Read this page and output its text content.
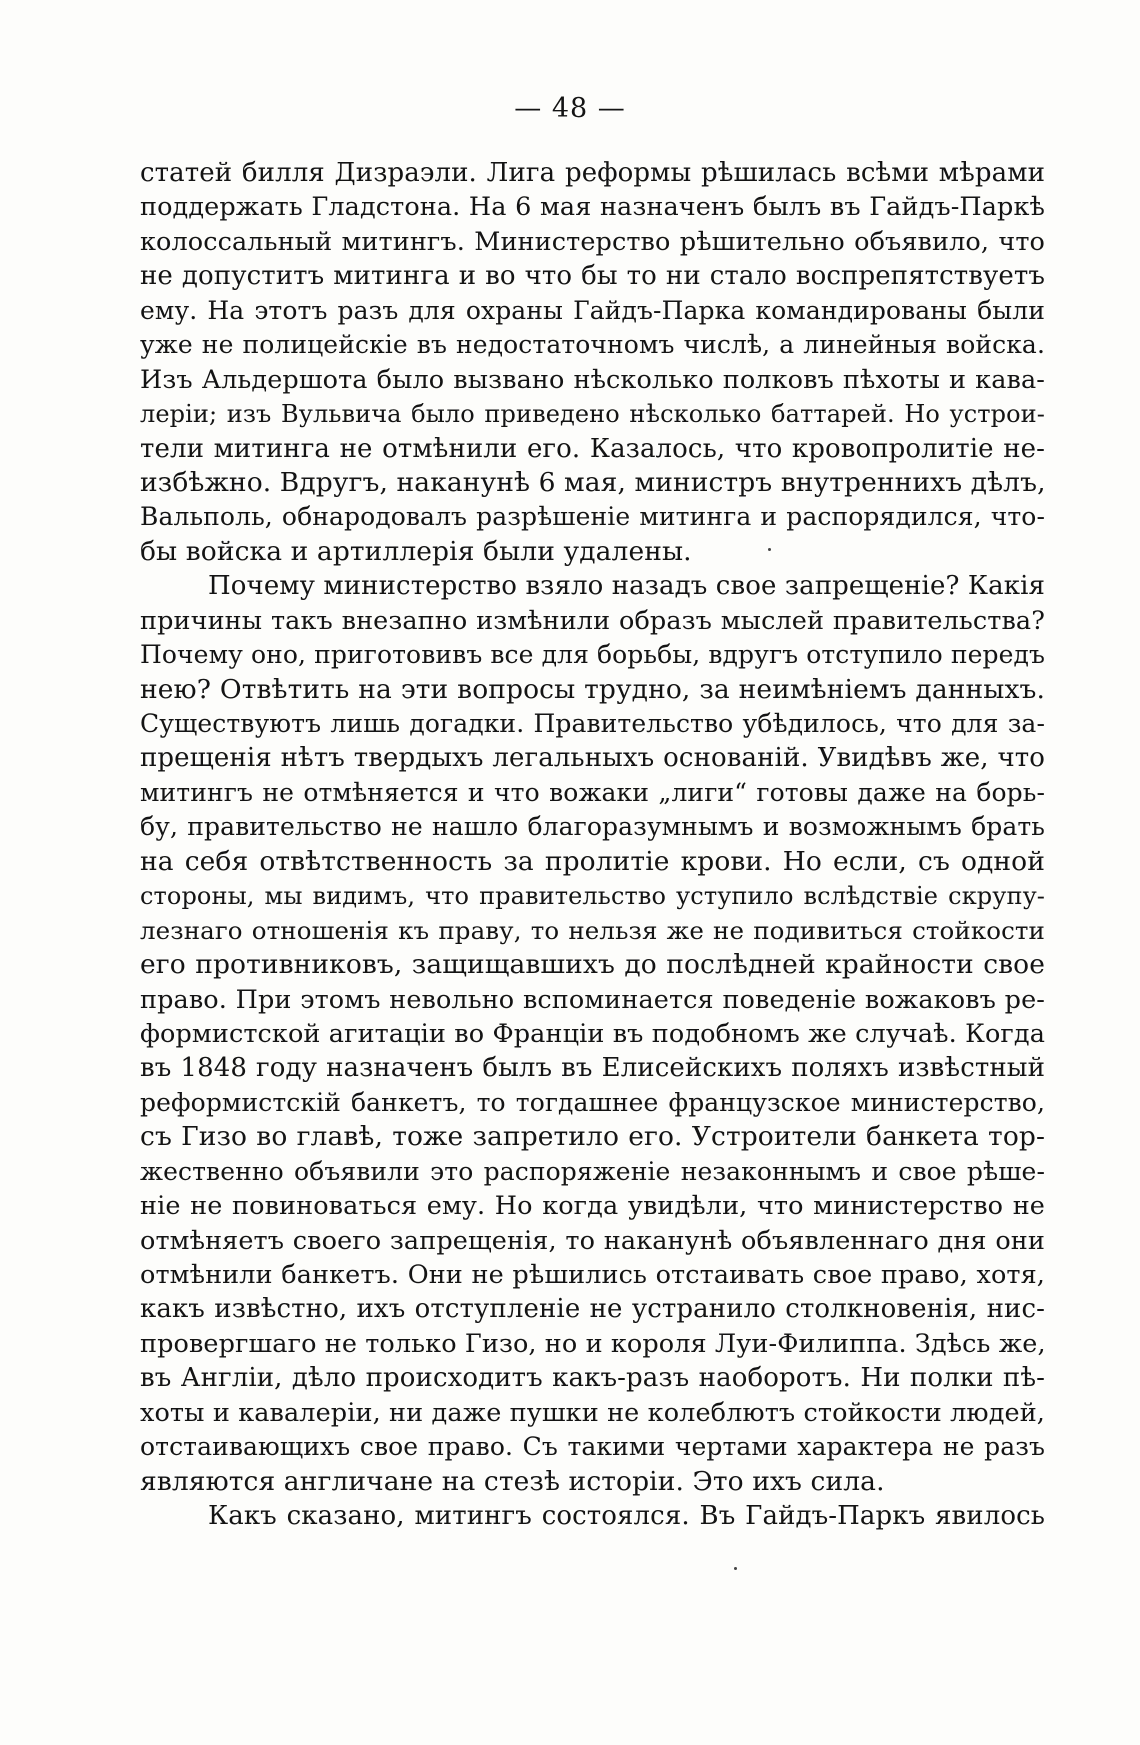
— 48 —
статей билля Дизраэли. Лига реформы рѣшилась всѣми мѣрами
поддержать Гладстона. На 6 мая назначенъ былъ въ Гайдъ-Паркѣ
колоссальный митингъ. Министерство рѣшительно объявило, что
не допуститъ митинга и во что бы то ни стало воспрепятствуетъ
ему. На этотъ разъ для охраны Гайдъ-Парка командированы были
уже не полицейскіе въ недостаточномъ числѣ, а линейныя войска.
Изъ Альдершота было вызвано нѣсколько полковъ пѣхоты и кава-
леріи; изъ Вульвича было приведено нѣсколько баттарей. Но устрои-
тели митинга не отмѣнили его. Казалось, что кровопролитіе не-
избѣжно. Вдругъ, наканунѣ 6 мая, министръ внутреннихъ дѣлъ,
Вальполь, обнародовалъ разрѣшеніе митинга и распорядился, что-
бы войска и артиллерія были удалены.
Почему министерство взяло назадъ свое запрещеніе? Какія
причины такъ внезапно измѣнили образъ мыслей правительства?
Почему оно, приготовивъ все для борьбы, вдругъ отступило передъ
нею? Отвѣтить на эти вопросы трудно, за неимѣніемъ данныхъ.
Существуютъ лишь догадки. Правительство убѣдилось, что для за-
прещенія нѣтъ твердыхъ легальныхъ основаній. Увидѣвъ же, что
митингъ не отмѣняется и что вожаки „лиги“ готовы даже на борь-
бу, правительство не нашло благоразумнымъ и возможнымъ брать
на себя отвѣтственность за пролитіе крови. Но если, съ одной
стороны, мы видимъ, что правительство уступило вслѣдствіе скрупу-
лезнаго отношенія къ праву, то нельзя же не подивиться стойкости
его противниковъ, защищавшихъ до послѣдней крайности свое
право. При этомъ невольно вспоминается поведеніе вожаковъ ре-
формистской агитаціи во Франціи въ подобномъ же случаѣ. Когда
въ 1848 году назначенъ былъ въ Елисейскихъ поляхъ извѣстный
реформистскій банкетъ, то тогдашнее французское министерство,
съ Гизо во главѣ, тоже запретило его. Устроители банкета тор-
жественно объявили это распоряженіе незаконнымъ и свое рѣше-
ніе не повиноваться ему. Но когда увидѣли, что министерство не
отмѣняетъ своего запрещенія, то наканунѣ объявленнаго дня они
отмѣнили банкетъ. Они не рѣшились отстаивать свое право, хотя,
какъ извѣстно, ихъ отступленіе не устранило столкновенія, нис-
провергшаго не только Гизо, но и короля Луи-Филиппа. Здѣсь же,
въ Англіи, дѣло происходитъ какъ-разъ наоборотъ. Ни полки пѣ-
хоты и кавалеріи, ни даже пушки не колеблютъ стойкости людей,
отстаивающихъ свое право. Съ такими чертами характера не разъ
являются англичане на стезѣ исторіи. Это ихъ сила.
Какъ сказано, митингъ состоялся. Въ Гайдъ-Паркъ явилось
